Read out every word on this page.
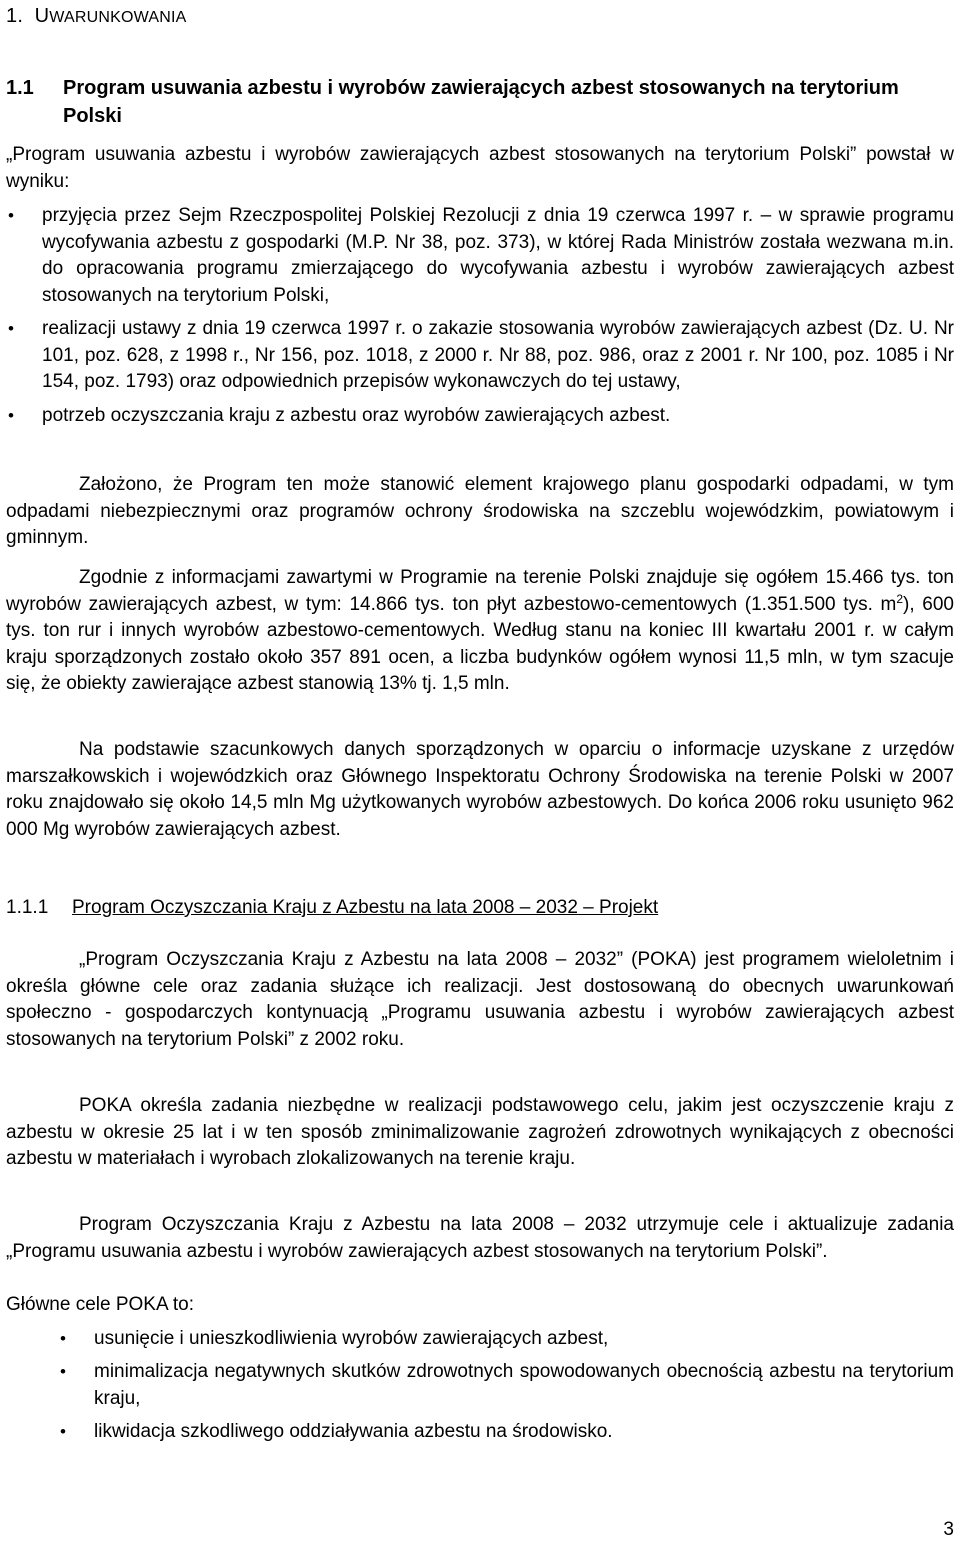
1. UWARUNKOWANIA
1.1	Program usuwania azbestu i wyrobów zawierających azbest stosowanych na terytorium Polski
„Program usuwania azbestu i wyrobów zawierających azbest stosowanych na terytorium Polski” powstał w wyniku:
• przyjęcia przez Sejm Rzeczpospolitej Polskiej Rezolucji z dnia 19 czerwca 1997 r. – w sprawie programu wycofywania azbestu z gospodarki (M.P. Nr 38, poz. 373), w której Rada Ministrów została wezwana m.in. do opracowania programu zmierzającego do wycofywania azbestu i wyrobów zawierających azbest stosowanych na terytorium Polski,
• realizacji ustawy z dnia 19 czerwca 1997 r. o zakazie stosowania wyrobów zawierających azbest (Dz. U. Nr 101, poz. 628, z 1998 r., Nr 156, poz. 1018, z 2000 r. Nr 88, poz. 986, oraz z 2001 r. Nr 100, poz. 1085 i Nr 154, poz. 1793) oraz odpowiednich przepisów wykonawczych do tej ustawy,
• potrzeb oczyszczania kraju z azbestu oraz wyrobów zawierających azbest.
Założono, że Program ten może stanowić element krajowego planu gospodarki odpadami, w tym odpadami niebezpiecznymi oraz programów ochrony środowiska na szczeblu wojewódzkim, powiatowym i gminnym.
Zgodnie z informacjami zawartymi w Programie na terenie Polski znajduje się ogółem 15.466 tys. ton wyrobów zawierających azbest, w tym: 14.866 tys. ton płyt azbestowo-cementowych (1.351.500 tys. $m^2$), 600 tys. ton rur i innych wyrobów azbestowo-cementowych. Według stanu na koniec III kwartału 2001 r. w całym kraju sporządzonych zostało około 357 891 ocen, a liczba budynków ogółem wynosi 11,5 mln, w tym szacuje się, że obiekty zawierające azbest stanowią 13% tj. 1,5 mln.
Na podstawie szacunkowych danych sporządzonych w oparciu o informacje uzyskane z urzędów marszałkowskich i wojewódzkich oraz Głównego Inspektoratu Ochrony Środowiska na terenie Polski w 2007 roku znajdowało się około 14,5 mln Mg użytkowanych wyrobów azbestowych. Do końca 2006 roku usunięto 962 000 Mg wyrobów zawierających azbest.
1.1.1	Program Oczyszczania Kraju z Azbestu na lata 2008 – 2032 – Projekt
„Program Oczyszczania Kraju z Azbestu na lata 2008 – 2032” (POKA) jest programem wieloletnim i określa główne cele oraz zadania służące ich realizacji. Jest dostosowaną do obecnych uwarunkowań społeczno - gospodarczych kontynuacją „Programu usuwania azbestu i wyrobów zawierających azbest stosowanych na terytorium Polski” z 2002 roku.
POKA określa zadania niezbędne w realizacji podstawowego celu, jakim jest oczyszczenie kraju z azbestu w okresie 25 lat i w ten sposób zminimalizowanie zagrożeń zdrowotnych wynikających z obecności azbestu w materiałach i wyrobach zlokalizowanych na terenie kraju.
Program Oczyszczania Kraju z Azbestu na lata 2008 – 2032 utrzymuje cele i aktualizuje zadania „Programu usuwania azbestu i wyrobów zawierających azbest stosowanych na terytorium Polski”.
Główne cele POKA to:
• usunięcie i unieszkodliwienia wyrobów zawierających azbest,
• minimalizacja negatywnych skutków zdrowotnych spowodowanych obecnością azbestu na terytorium kraju,
• likwidacja szkodliwego oddziaływania azbestu na środowisko.
3
